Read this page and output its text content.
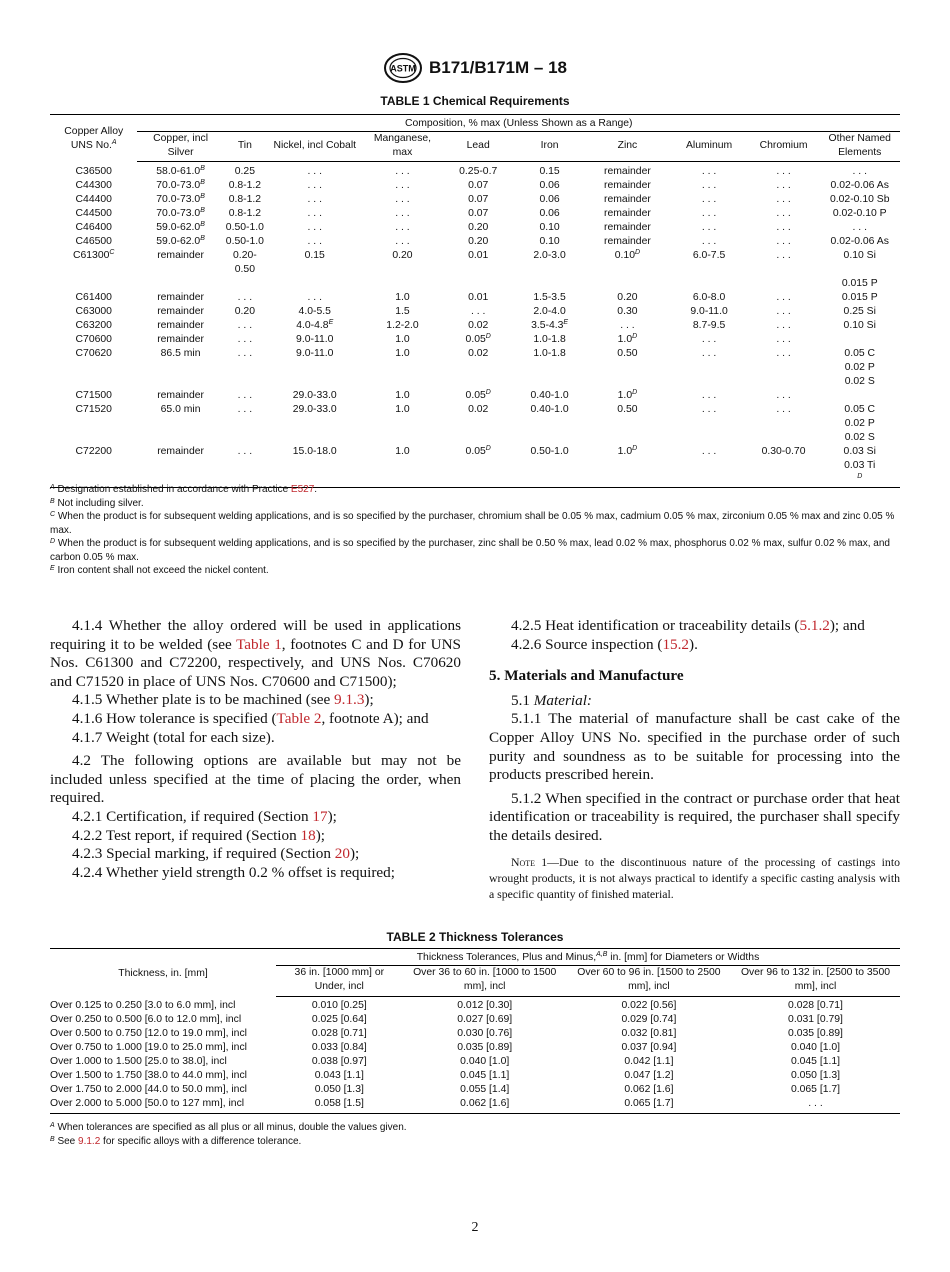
ASTM B171/B171M – 18
TABLE 1 Chemical Requirements
Copper Alloy UNS No.$^A$	Composition, % max (Unless Shown as a Range)									
	Copper, incl Silver	Tin	Nickel, incl Cobalt	Manganese, max	Lead	Iron	Zinc	Aluminum	Chromium	Other Named Elements
C36500	$58.0-61.0^B$	0.25	. . .	. . .	0.25-0.7	0.15	remainder	. . .	. . .	. . .
C44300	$70.0-73.0^B$	0.8-1.2	. . .	. . .	0.07	0.06	remainder	. . .	. . .	0.02-0.06 As
C44400	$70.0-73.0^B$	0.8-1.2	. . .	. . .	0.07	0.06	remainder	. . .	. . .	0.02-0.10 Sb
C44500	$70.0-73.0^B$	0.8-1.2	. . .	. . .	0.07	0.06	remainder	. . .	. . .	0.02-0.10 P
C46400	$59.0-62.0^B$	0.50-1.0	. . .	. . .	0.20	0.10	remainder	. . .	. . .	. . .
C46500	$59.0-62.0^B$	0.50-1.0	. . .	. . .	0.20	0.10	remainder	. . .	. . .	0.02-0.06 As
$C61300^C$	remainder	0.20-0.50	0.15	0.20	0.01	2.0-3.0	$0.10^D$	6.0-7.5	. . .	0.10 Si
										0.015 P
C61400	remainder	. . .	. . .	1.0	0.01	1.5-3.5	0.20	6.0-8.0	. . .	0.015 P
C63000	remainder	0.20	4.0-5.5	1.5	. . .	2.0-4.0	0.30	9.0-11.0	. . .	0.25 Si
C63200	remainder	. . .	$4.0-4.8^E$	1.2-2.0	0.02	$3.5-4.3^E$	. . .	8.7-9.5	. . .	0.10 Si
C70600	remainder	. . .	9.0-11.0	1.0	$0.05^D$	1.0-1.8	$1.0^D$	. . .	. . .	
C70620	86.5 min	. . .	9.0-11.0	1.0	0.02	1.0-1.8	0.50	. . .	. . .	0.05 C
										0.02 P
										0.02 S
C71500	remainder	. . .	29.0-33.0	1.0	$0.05^D$	0.40-1.0	$1.0^D$	. . .	. . .	
C71520	65.0 min	. . .	29.0-33.0	1.0	0.02	0.40-1.0	0.50	. . .	. . .	0.05 C
										0.02 P
										0.02 S
C72200	remainder	. . .	15.0-18.0	1.0	$0.05^D$	0.50-1.0	$1.0^D$	. . .	0.30-0.70	0.03 Si
										0.03 Ti
										$^D$
$^A$ Designation established in accordance with Practice E527.
$^B$ Not including silver.
$^C$ When the product is for subsequent welding applications, and is so specified by the purchaser, chromium shall be 0.05 % max, cadmium 0.05 % max, zirconium 0.05 % max and zinc 0.05 % max.
$^D$ When the product is for subsequent welding applications, and is so specified by the purchaser, zinc shall be 0.50 % max, lead 0.02 % max, phosphorus 0.02 % max, sulfur 0.02 % max, and carbon 0.05 % max.
$^E$ Iron content shall not exceed the nickel content.

4.1.4 Whether the alloy ordered will be used in applications requiring it to be welded (see Table 1, footnotes C and D for UNS Nos. C61300 and C72200, respectively, and UNS Nos. C70620 and C71520 in place of UNS Nos. C70600 and C71500);

4.1.5 Whether plate is to be machined (see 9.1.3);

4.1.6 How tolerance is specified (Table 2, footnote A); and

4.1.7 Weight (total for each size).

4.2 The following options are available but may not be included unless specified at the time of placing the order, when required.

4.2.1 Certification, if required (Section 17);

4.2.2 Test report, if required (Section 18);

4.2.3 Special marking, if required (Section 20);

4.2.4 Whether yield strength 0.2 % offset is required;

4.2.5 Heat identification or traceability details (5.1.2); and

4.2.6 Source inspection (15.2).

5. Materials and Manufacture

5.1 Material:

5.1.1 The material of manufacture shall be cast cake of the Copper Alloy UNS No. specified in the purchase order of such purity and soundness as to be suitable for processing into the products prescribed herein.

5.1.2 When specified in the contract or purchase order that heat identification or traceability is required, the purchaser shall specify the details desired.

Note 1—Due to the discontinuous nature of the processing of castings into wrought products, it is not always practical to identify a specific casting analysis with a specific quantity of finished material.

TABLE 2 Thickness Tolerances
Thickness, in. [mm]	Thickness Tolerances, Plus and Minus,$^{A,B}$ in. [mm] for Diameters or Widths			
	36 in. [1000 mm] or Under, incl	Over 36 to 60 in. [1000 to 1500 mm], incl	Over 60 to 96 in. [1500 to 2500 mm], incl	Over 96 to 132 in. [2500 to 3500 mm], incl
Over 0.125 to 0.250 [3.0 to 6.0 mm], incl	0.010 [0.25]	0.012 [0.30]	0.022 [0.56]	0.028 [0.71]
Over 0.250 to 0.500 [6.0 to 12.0 mm], incl	0.025 [0.64]	0.027 [0.69]	0.029 [0.74]	0.031 [0.79]
Over 0.500 to 0.750 [12.0 to 19.0 mm], incl	0.028 [0.71]	0.030 [0.76]	0.032 [0.81]	0.035 [0.89]
Over 0.750 to 1.000 [19.0 to 25.0 mm], incl	0.033 [0.84]	0.035 [0.89]	0.037 [0.94]	0.040 [1.0]
Over 1.000 to 1.500 [25.0 to 38.0], incl	0.038 [0.97]	0.040 [1.0]	0.042 [1.1]	0.045 [1.1]
Over 1.500 to 1.750 [38.0 to 44.0 mm], incl	0.043 [1.1]	0.045 [1.1]	0.047 [1.2]	0.050 [1.3]
Over 1.750 to 2.000 [44.0 to 50.0 mm], incl	0.050 [1.3]	0.055 [1.4]	0.062 [1.6]	0.065 [1.7]
Over 2.000 to 5.000 [50.0 to 127 mm], incl	0.058 [1.5]	0.062 [1.6]	0.065 [1.7]	. . .
$^A$ When tolerances are specified as all plus or all minus, double the values given.
$^B$ See 9.1.2 for specific alloys with a difference tolerance.
2
